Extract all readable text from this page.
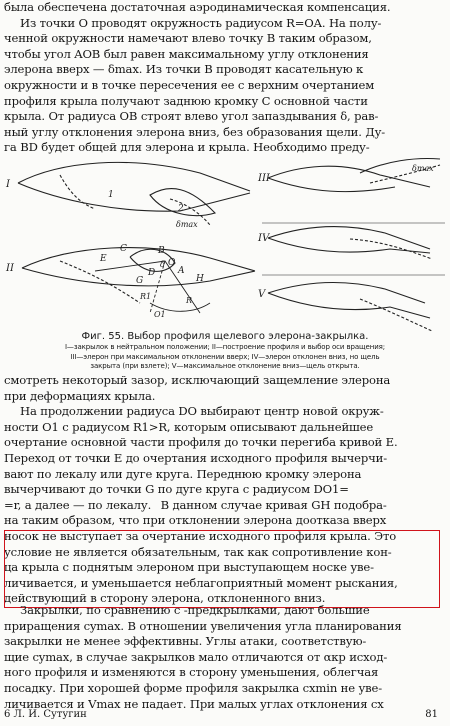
была обеспечена достаточная аэродинамическая компенсация.
Из точки O проводят окружность радиусом R=OA. На полу-
ченной окружности намечают влево точку B таким образом,
чтобы угол AOB был равен максимальному углу отклонения
элерона вверх — δmax. Из точки B проводят касательную к
окружности и в точке пересечения ее с верхним очертанием
профиля крыла получают заднюю кромку C основной части
крыла. От радиуса OB строят влево угол запаздывания δ, рав-
ный углу отклонения элерона вниз, без образования щели. Ду-
га BD будет общей для элерона и крыла. Необходимо преду-
I
II
III
IV
V
A
B
C
D
E
G	H
O
O1
R1	R
1
2
δmax
δmax
δ
Фиг. 55. Выбор профиля щелевого элерона-закрылка.
I—закрылок в нейтральном положении; II—построение профиля и выбор оси вращения;
III—элерон при максимальном отклонении вверх; IV—элерон отклонен вниз, но щель
закрыта (при взлете); V—максимальное отклонение вниз—щель открыта.
смотреть некоторый зазор, исключающий защемление элерона
при деформациях крыла.
На продолжении радиуса DO выбирают центр новой окруж-
ности O1 с радиусом R1>R, которым описывают дальнейшее
очертание основной части профиля до точки перегиба кривой E.
Переход от точки E до очертания исходного профиля вычерчи-
вают по лекалу или дуге круга. Переднюю кромку элерона
вычерчивают до точки G по дуге круга с радиусом DO1=
=r, а далее — по лекалу. В данном случае кривая GH подобра-
на таким образом, что при отклонении элерона доотказа вверх
носок не выступает за очертание исходного профиля крыла. Это
условие не является обязательным, так как сопротивление кон-
ца крыла с поднятым элероном при выступающем носке уве-
личивается, и уменьшается неблагоприятный момент рыскания,
действующий в сторону элерона, отклоненного вниз.
Закрылки, по сравнению с -предкрылками, дают большие
приращения cymax. В отношении увеличения угла планирования
закрылки не менее эффективны. Углы атаки, соответствую-
щие cymax, в случае закрылков мало отличаются от αкр исход-
ного профиля и изменяются в сторону уменьшения, облегчая
посадку. При хорошей форме профиля закрылка cxmin не уве-
личивается и Vmax не падает. При малых углах отклонения cx
6 Л. И. Сутугин	81
